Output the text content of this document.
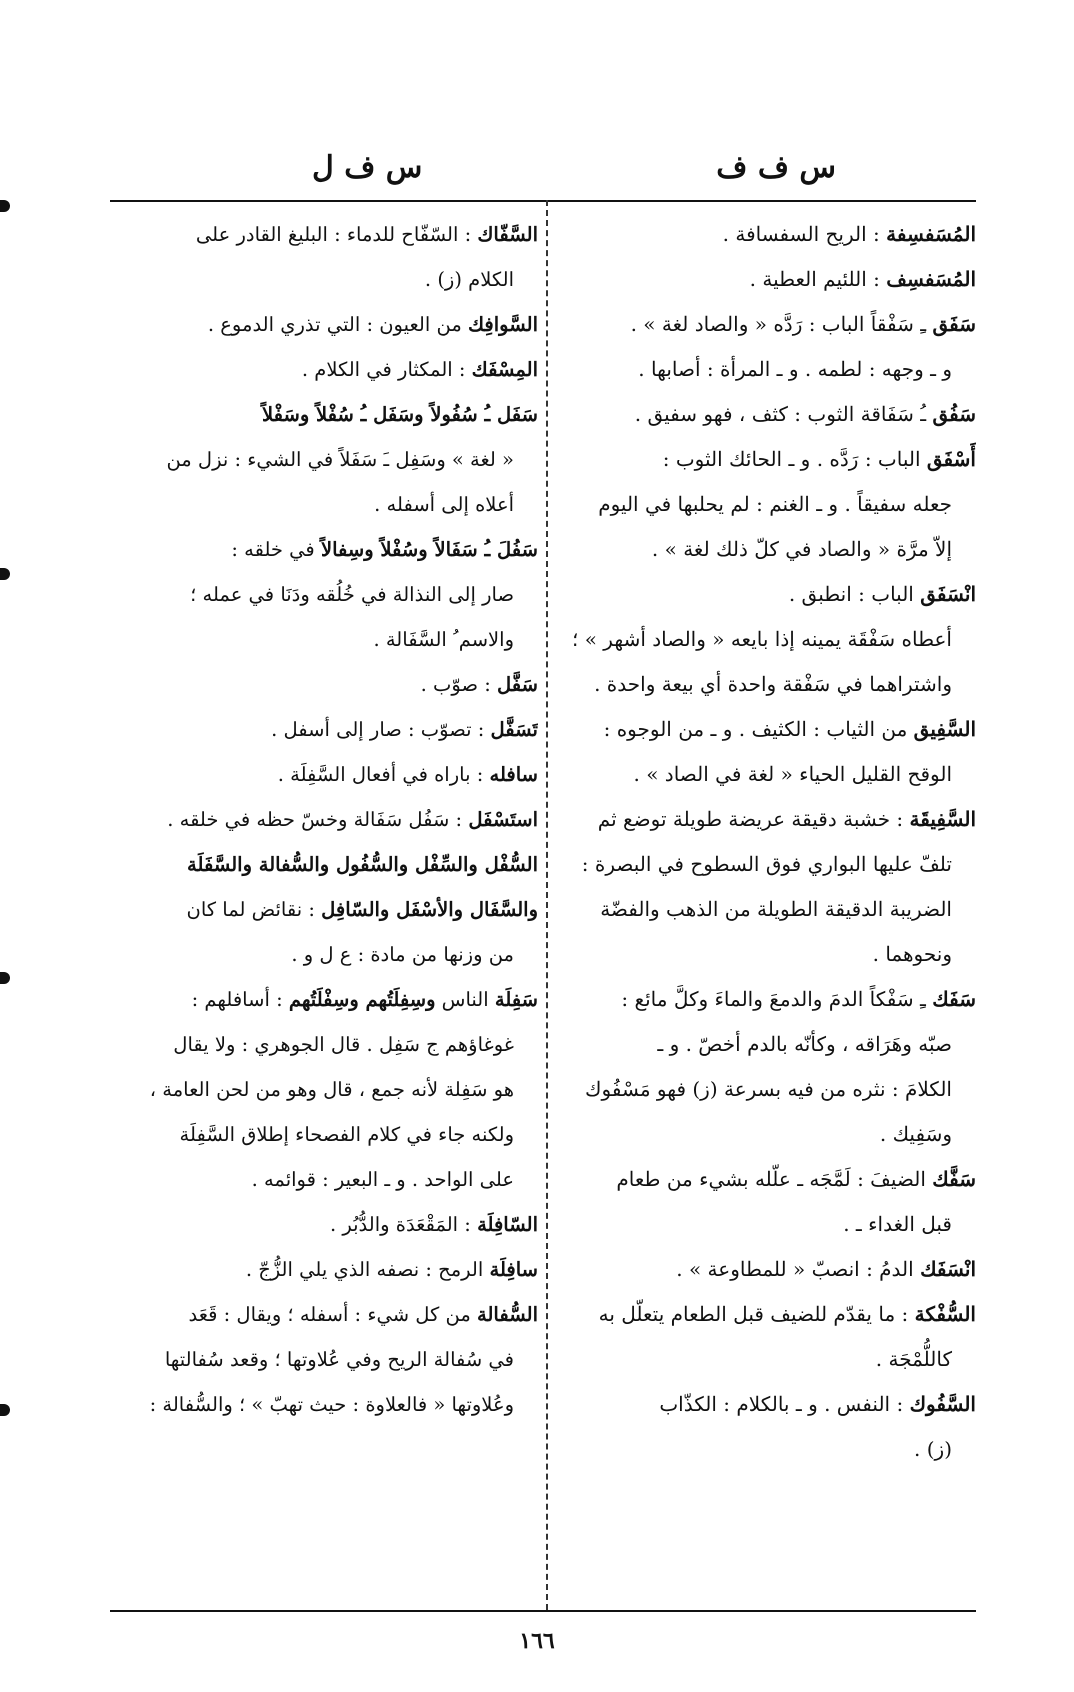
س ف ف
س ف ل
المُسَفسِفة : الريح السفسافة .
المُسَفسِف : اللئيم العطية .
سَفَق ـِ سَفْقاً الباب : رَدَّه « والصاد لغة » .
و ـ وجهه : لطمه . و ـ المرأة : أصابها .
سَفُق ـُ سَفَاقة الثوب : كثف ، فهو سفيق .
أَسْفَق الباب : رَدَّه . و ـ الحائك الثوب :
جعله سفيقاً . و ـ الغنم : لم يحلبها في اليوم
إلاّ مرَّة « والصاد في كلّ ذلك لغة » .
انْسَفَق الباب : انطبق .
أعطاه سَفْقَة يمينه إذا بايعه « والصاد أشهر » ؛
واشتراهما في سَفْقة واحدة أي بيعة واحدة .
السَّفِيق من الثياب : الكثيف . و ـ من الوجوه :
الوقح القليل الحياء « لغة في الصاد » .
السَّفِيقَة : خشبة دقيقة عريضة طويلة توضع ثم
تلفّ عليها البواري فوق السطوح في البصرة :
الضريبة الدقيقة الطويلة من الذهب والفضّة
ونحوهما .
سَفَك ـِ سَفْكاً الدمَ والدمعَ والماءَ وكلَّ مائع :
صبّه وهَرَاقه ، وكأنّه بالدم أخصّ . و ـ
الكلامَ : نثره من فيه بسرعة (ز) فهو مَسْفُوك
وسَفِيك .
سَفَّك الضيفَ : لَمَّجَه ـ علّله بشيء من طعام
قبل الغداء ـ .
انْسَفَك الدمُ : انصبّ « للمطاوعة » .
السُّفْكة : ما يقدّم للضيف قبل الطعام يتعلّل به
كاللُّمْجَة .
السَّفُوك : النفس . و ـ بالكلام : الكذّاب
(ز) .
السَّفّاك : السّفّاح للدماء : البليغ القادر على
الكلام (ز) .
السَّوافِك من العيون : التي تذري الدموع .
المِسْفَك : المكثار في الكلام .
سَفَل ـُ سُفُولاً وسَفَل ـُ سُفْلاً وسَفْلاً
« لغة » وسَفِل ـَ سَفَلاً في الشيء : نزل من
أعلاه إلى أسفله .
سَفُلَ ـُ سَفَالاً وسُفْلاً وسِفالاً في خلقه :
صار إلى النذالة في خُلُقه ودَنَا في عمله ؛
والاسم ُ السَّفَالة .
سَفَّل : صوّب .
تَسَفَّل : تصوّب : صار إلى أسفل .
سافله : باراه في أفعال السَّفِلَة .
استَسْفَل : سَفُل سَفَالة وخسّ حظه في خلقه .
السُّفْل والسِّفْل والسُّفُول والسُّفالة والسَّفَلَة
والسَّفَال والأسْفَل والسّافِل : نقائض لما كان
من وزنها من مادة : ع ل و .
سَفِلَة الناس وسِفِلَتُهم وسِفْلَتُهم : أسافلهم :
غوغاؤهم ج سَفِل . قال الجوهري : ولا يقال
هو سَفِلة لأنه جمع ، قال وهو من لحن العامة ،
ولكنه جاء في كلام الفصحاء إطلاق السَّفِلَة
على الواحد . و ـ البعير : قوائمه .
السّافِلَة : المَقْعَدَة والدُّبُر .
سافِلَة الرمح : نصفه الذي يلي الزُّجّ .
السُّفالة من كل شيء : أسفله ؛ ويقال : قَعَد
في سُفالة الريح وفي عُلاوتها ؛ وقعد سُفالتها
وعُلاوتها « فالعلاوة : حيث تهبّ » ؛ والسُّفالة :
١٦٦
